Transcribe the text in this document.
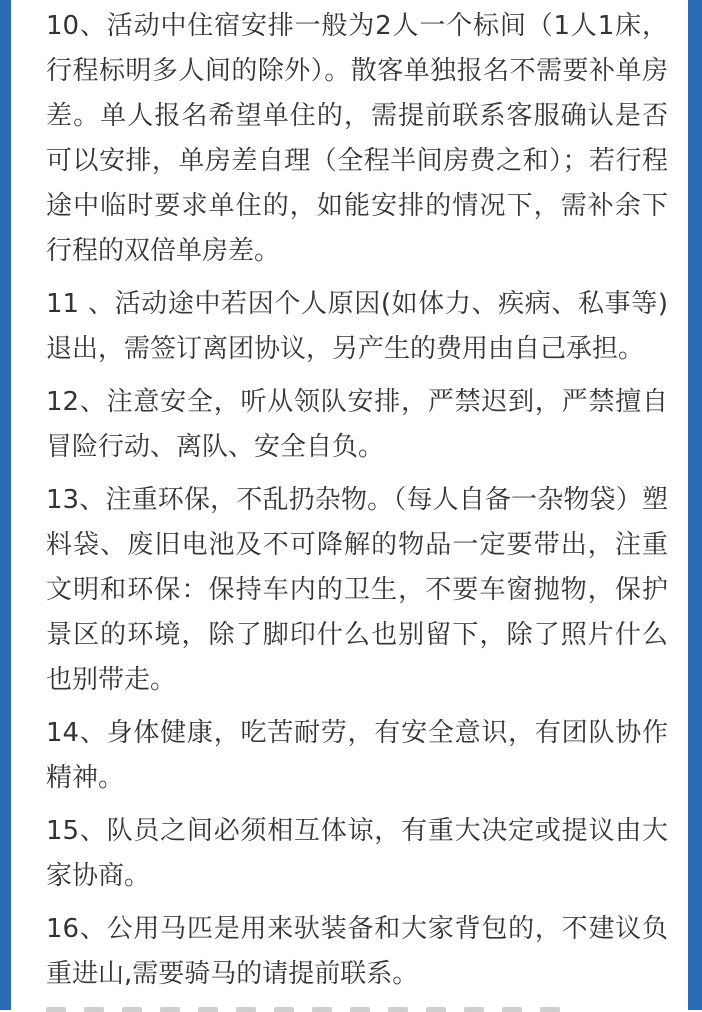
10、活动中住宿安排一般为2人一个标间（1人1床，行程标明多人间的除外）。散客单独报名不需要补单房差。单人报名希望单住的，需提前联系客服确认是否可以安排，单房差自理（全程半间房费之和）；若行程途中临时要求单住的，如能安排的情况下，需补余下行程的双倍单房差。

11 、活动途中若因个人原因(如体力、疾病、私事等)退出，需签订离团协议，另产生的费用由自己承担。

12、注意安全，听从领队安排，严禁迟到，严禁擅自冒险行动、离队、安全自负。

13、注重环保，不乱扔杂物。（每人自备一杂物袋）塑料袋、废旧电池及不可降解的物品一定要带出，注重文明和环保：保持车内的卫生，不要车窗抛物，保护景区的环境，除了脚印什么也别留下，除了照片什么也别带走。

14、身体健康，吃苦耐劳，有安全意识，有团队协作精神。

15、队员之间必须相互体谅，有重大决定或提议由大家协商。

16、公用马匹是用来驮装备和大家背包的，不建议负重进山,需要骑马的请提前联系。
